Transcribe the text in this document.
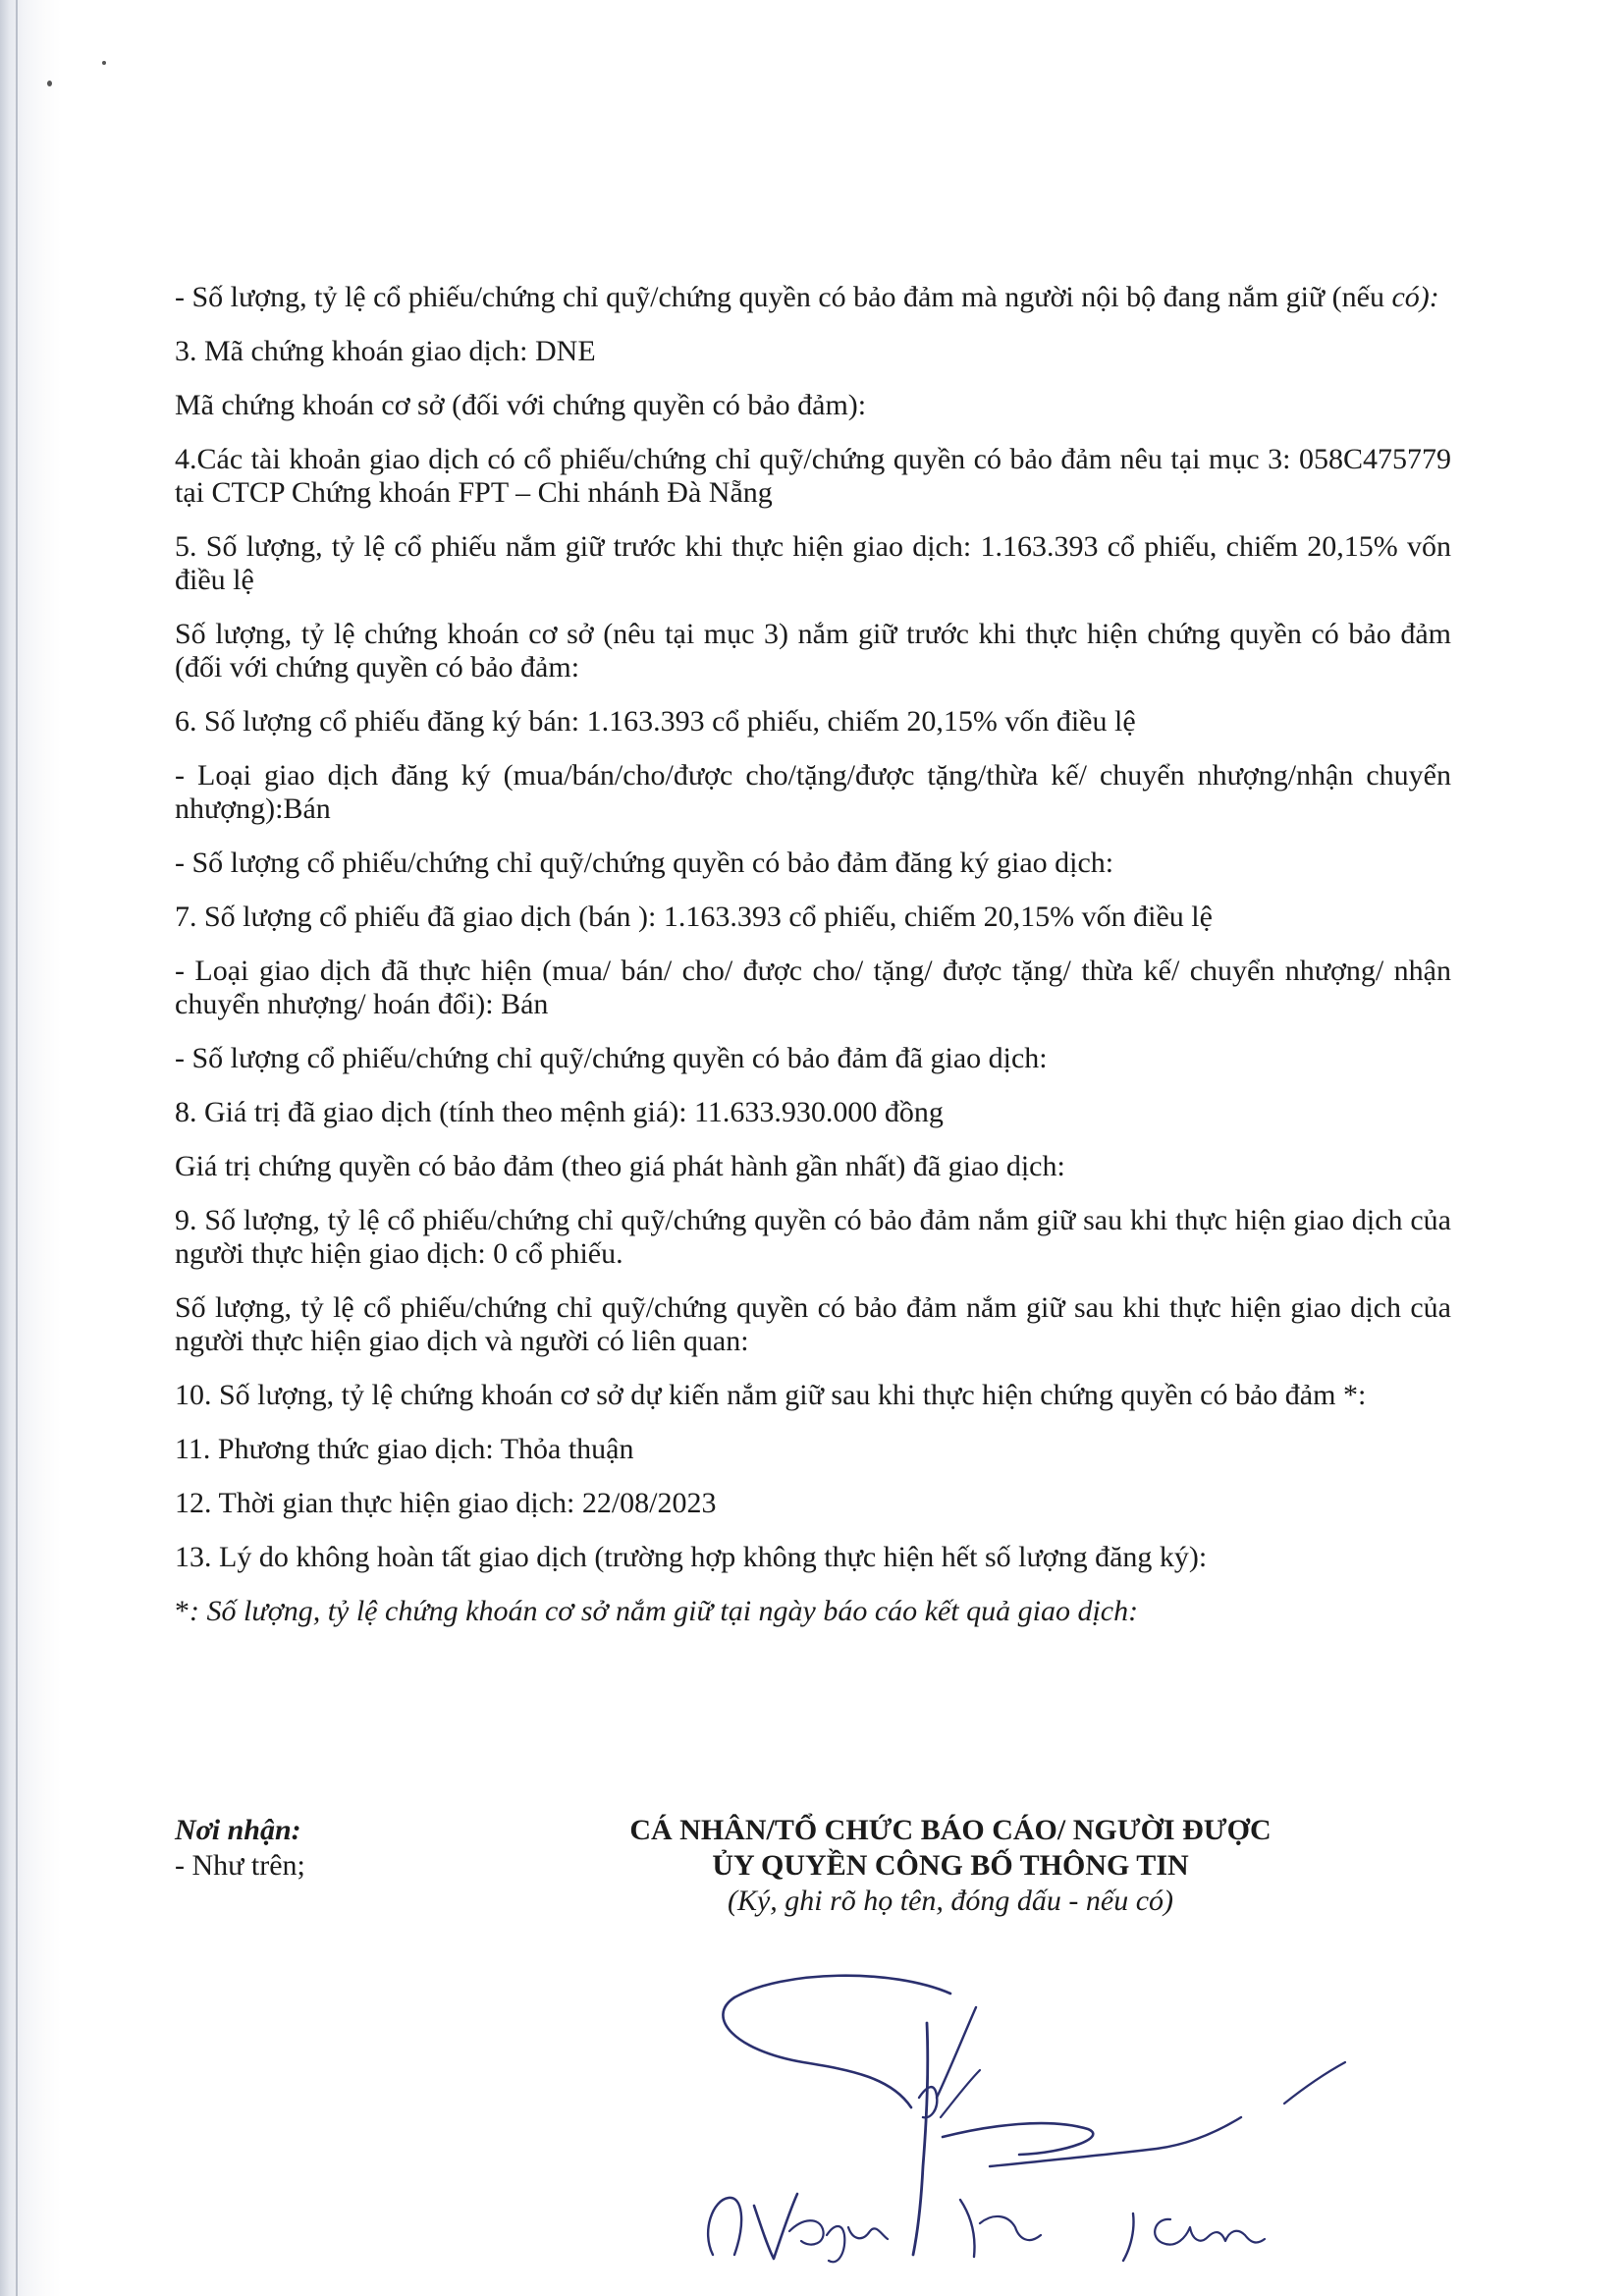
- Số lượng, tỷ lệ cổ phiếu/chứng chỉ quỹ/chứng quyền có bảo đảm mà người nội bộ đang nắm giữ (nếu có):

3. Mã chứng khoán giao dịch: DNE

Mã chứng khoán cơ sở (đối với chứng quyền có bảo đảm):

4.Các tài khoản giao dịch có cổ phiếu/chứng chỉ quỹ/chứng quyền có bảo đảm nêu tại mục 3: 058C475779 tại CTCP Chứng khoán FPT – Chi nhánh Đà Nẵng

5. Số lượng, tỷ lệ cổ phiếu nắm giữ trước khi thực hiện giao dịch: 1.163.393 cổ phiếu, chiếm 20,15% vốn điều lệ

Số lượng, tỷ lệ chứng khoán cơ sở (nêu tại mục 3) nắm giữ trước khi thực hiện chứng quyền có bảo đảm (đối với chứng quyền có bảo đảm:

6. Số lượng cổ phiếu đăng ký bán: 1.163.393 cổ phiếu, chiếm 20,15% vốn điều lệ

- Loại giao dịch đăng ký (mua/bán/cho/được cho/tặng/được tặng/thừa kế/ chuyển nhượng/nhận chuyển nhượng):Bán

- Số lượng cổ phiếu/chứng chỉ quỹ/chứng quyền có bảo đảm đăng ký giao dịch:

7. Số lượng cổ phiếu đã giao dịch (bán ): 1.163.393 cổ phiếu, chiếm 20,15% vốn điều lệ

- Loại giao dịch đã thực hiện (mua/ bán/ cho/ được cho/ tặng/ được tặng/ thừa kế/ chuyển nhượng/ nhận chuyển nhượng/ hoán đổi): Bán

- Số lượng cổ phiếu/chứng chỉ quỹ/chứng quyền có bảo đảm đã giao dịch:

8. Giá trị đã giao dịch (tính theo mệnh giá): 11.633.930.000 đồng

Giá trị chứng quyền có bảo đảm (theo giá phát hành gần nhất) đã giao dịch:

9. Số lượng, tỷ lệ cổ phiếu/chứng chỉ quỹ/chứng quyền có bảo đảm nắm giữ sau khi thực hiện giao dịch của người thực hiện giao dịch: 0 cổ phiếu.

Số lượng, tỷ lệ cổ phiếu/chứng chỉ quỹ/chứng quyền có bảo đảm nắm giữ sau khi thực hiện giao dịch của người thực hiện giao dịch và người có liên quan:

10. Số lượng, tỷ lệ chứng khoán cơ sở dự kiến nắm giữ sau khi thực hiện chứng quyền có bảo đảm *:

11. Phương thức giao dịch: Thỏa thuận

12. Thời gian thực hiện giao dịch: 22/08/2023

13. Lý do không hoàn tất giao dịch (trường hợp không thực hiện hết số lượng đăng ký):

*: Số lượng, tỷ lệ chứng khoán cơ sở nắm giữ tại ngày báo cáo kết quả giao dịch:

Nơi nhận:
- Như trên;
CÁ NHÂN/TỔ CHỨC BÁO CÁO/ NGƯỜI ĐƯỢC
ỦY QUYỀN CÔNG BỐ THÔNG TIN
(Ký, ghi rõ họ tên, đóng dấu - nếu có)
